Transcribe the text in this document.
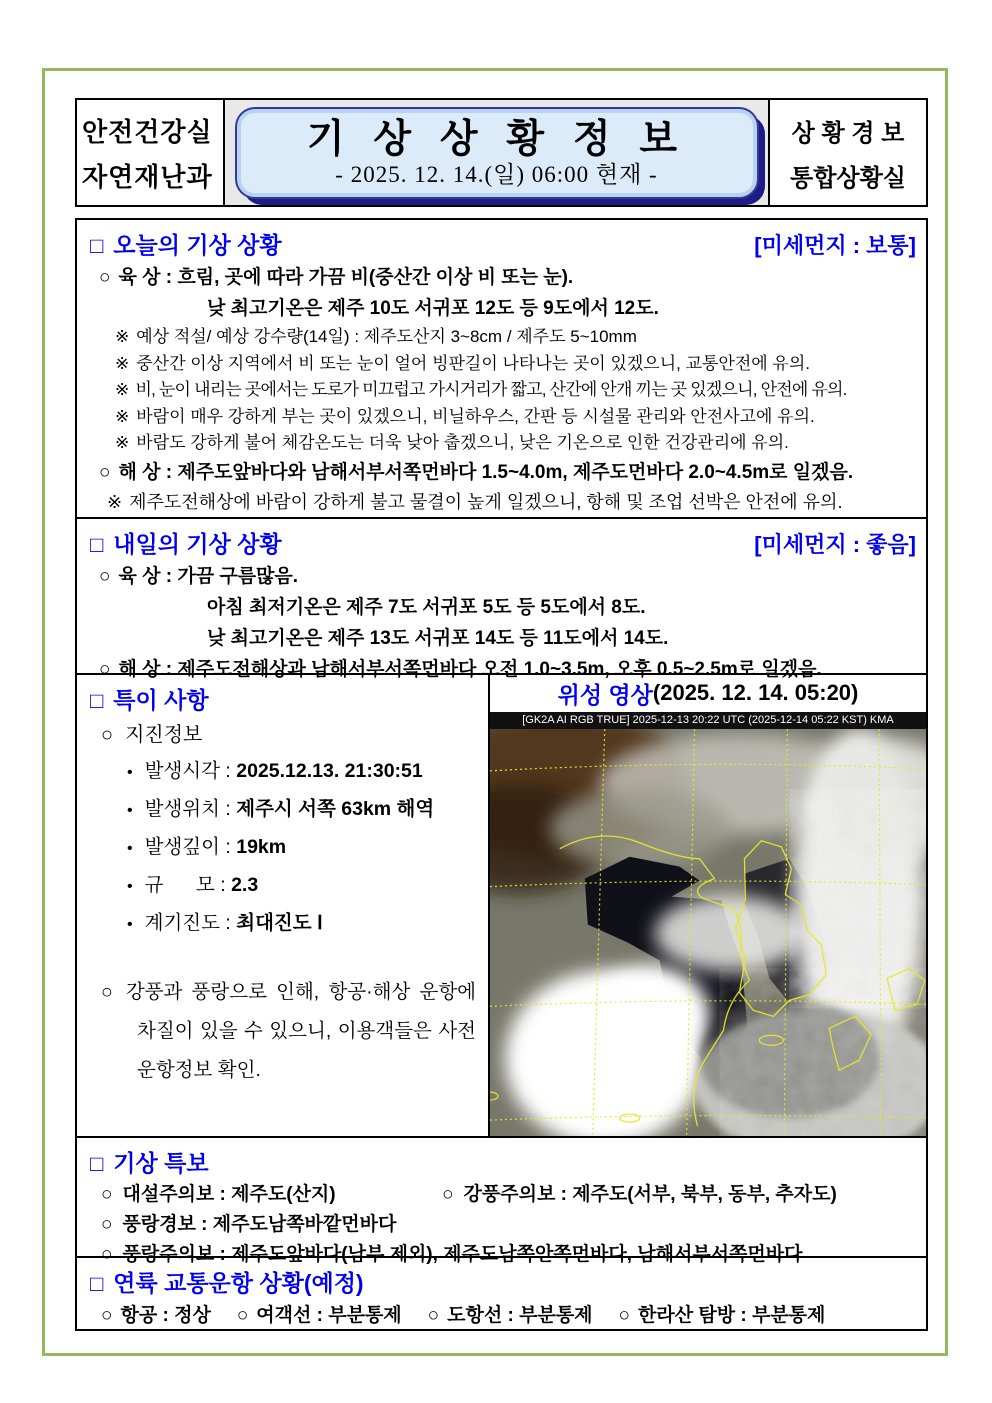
안전건강실
자연재난과
기 상 상 황 정 보
- 2025. 12. 14.(일) 06:00 현재 -
상 황 경 보
통합상황실
□ 오늘의 기상 상황	[미세먼지 : 보통]
○ 육 상 : 흐림, 곳에 따라 가끔 비(중산간 이상 비 또는 눈).
낮 최고기온은 제주 10도 서귀포 12도 등 9도에서 12도.
※ 예상 적설/ 예상 강수량(14일) : 제주도산지 3~8cm / 제주도 5~10mm
※ 중산간 이상 지역에서 비 또는 눈이 얼어 빙판길이 나타나는 곳이 있겠으니, 교통안전에 유의.
※ 비, 눈이 내리는 곳에서는 도로가 미끄럽고 가시거리가 짧고, 산간에 안개 끼는 곳 있겠으니, 안전에 유의.
※ 바람이 매우 강하게 부는 곳이 있겠으니, 비닐하우스, 간판 등 시설물 관리와 안전사고에 유의.
※ 바람도 강하게 불어 체감온도는 더욱 낮아 춥겠으니, 낮은 기온으로 인한 건강관리에 유의.
○ 해 상 : 제주도앞바다와 남해서부서쪽먼바다 1.5~4.0m, 제주도먼바다 2.0~4.5m로 일겠음.
※ 제주도전해상에 바람이 강하게 불고 물결이 높게 일겠으니, 항해 및 조업 선박은 안전에 유의.
□ 내일의 기상 상황	[미세먼지 : 좋음]
○ 육 상 : 가끔 구름많음.
아침 최저기온은 제주 7도 서귀포 5도 등 5도에서 8도.
낮 최고기온은 제주 13도 서귀포 14도 등 11도에서 14도.
○ 해 상 : 제주도전해상과 남해서부서쪽먼바다 오전 1.0~3.5m, 오후 0.5~2.5m로 일겠음.
□ 특이 사항
○ 지진정보
• 발생시각 : 2025.12.13. 21:30:51
• 발생위치 : 제주시 서쪽 63km 해역
• 발생깊이 : 19km
• 규      모 : 2.3
• 계기진도 : 최대진도 Ⅰ
○ 강풍과 풍랑으로 인해, 항공·해상 운항에 차질이 있을 수 있으니, 이용객들은 사전 운항정보 확인.
위성 영상 (2025. 12. 14. 05:20)
[GK2A AI RGB TRUE] 2025-12-13 20:22 UTC (2025-12-14 05:22 KST) KMA
□ 기상 특보
○ 대설주의보 : 제주도(산지)	○ 강풍주의보 : 제주도(서부, 북부, 동부, 추자도)
○ 풍랑경보 : 제주도남쪽바깥먼바다
○ 풍랑주의보 : 제주도앞바다(남부 제외), 제주도남쪽안쪽먼바다, 남해서부서쪽먼바다
□ 연륙 교통운항 상황(예정)
○ 항공 : 정상 ○ 여객선 : 부분통제 ○ 도항선 : 부분통제 ○ 한라산 탐방 : 부분통제
